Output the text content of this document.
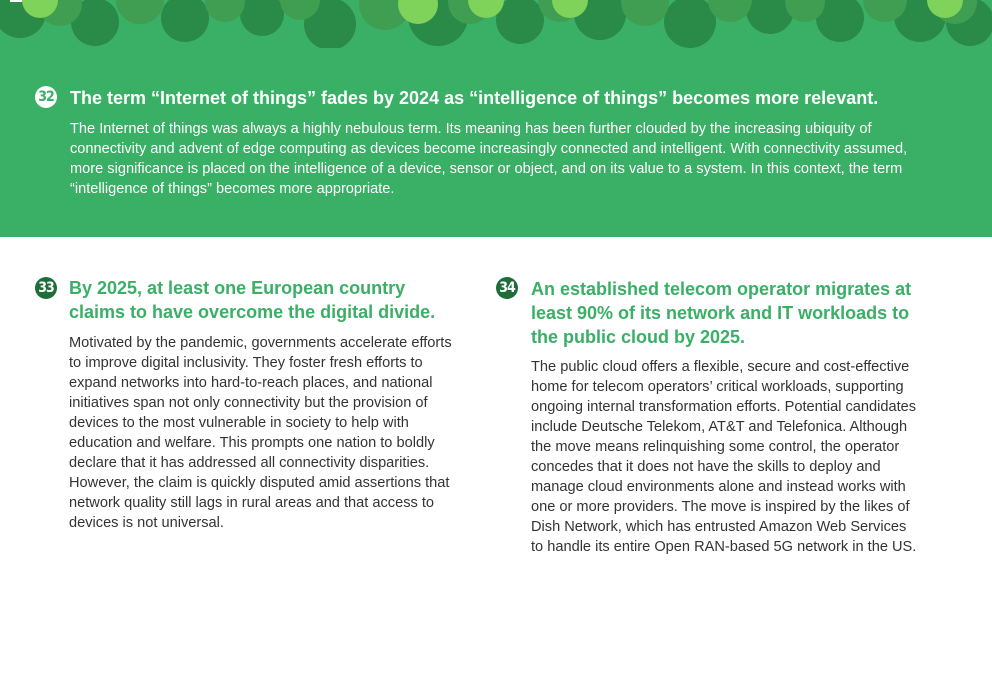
32 The term “Internet of things” fades by 2024 as “intelligence of things” becomes more relevant.
The Internet of things was always a highly nebulous term. Its meaning has been further clouded by the increasing ubiquity of connectivity and advent of edge computing as devices become increasingly connected and intelligent. With connectivity assumed, more significance is placed on the intelligence of a device, sensor or object, and on its value to a system. In this context, the term “intelligence of things” becomes more appropriate.
33 By 2025, at least one European country claims to have overcome the digital divide.
Motivated by the pandemic, governments accelerate efforts to improve digital inclusivity. They foster fresh efforts to expand networks into hard-to-reach places, and national initiatives span not only connectivity but the provision of devices to the most vulnerable in society to help with education and welfare. This prompts one nation to boldly declare that it has addressed all connectivity disparities. However, the claim is quickly disputed amid assertions that network quality still lags in rural areas and that access to devices is not universal.
34 An established telecom operator migrates at least 90% of its network and IT workloads to the public cloud by 2025.
The public cloud offers a flexible, secure and cost-effective home for telecom operators’ critical workloads, supporting ongoing internal transformation efforts. Potential candidates include Deutsche Telekom, AT&T and Telefonica. Although the move means relinquishing some control, the operator concedes that it does not have the skills to deploy and manage cloud environments alone and instead works with one or more providers. The move is inspired by the likes of Dish Network, which has entrusted Amazon Web Services to handle its entire Open RAN-based 5G network in the US.
